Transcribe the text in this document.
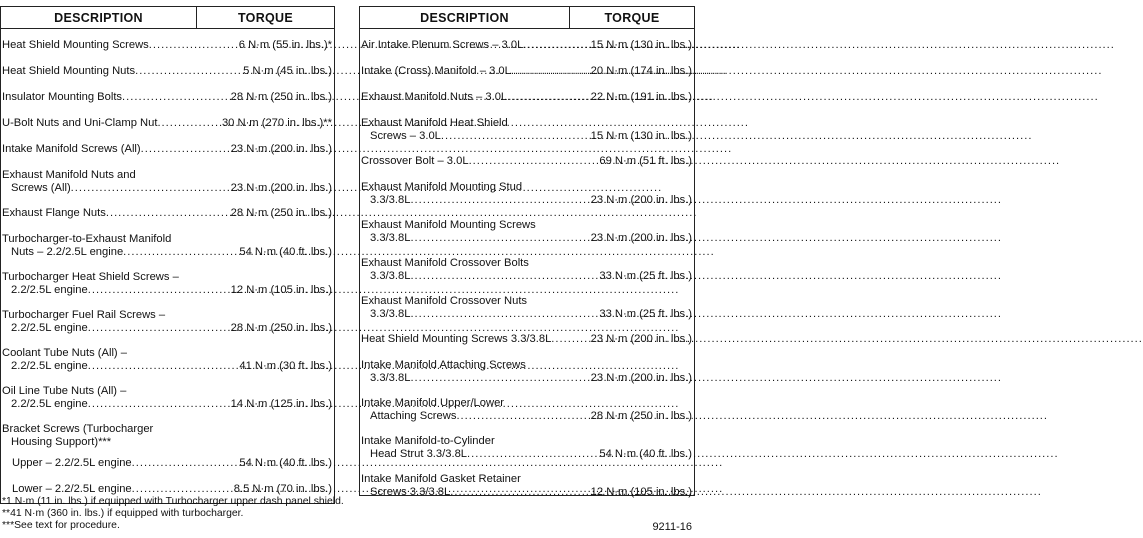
DESCRIPTION	TORQUE
Heat Shield Mounting Screws .....	6 N·m (55 in. lbs.)*
Heat Shield Mounting Nuts .....	5 N·m (45 in. lbs.)
Insulator Mounting Bolts .....	28 N·m (250 in. lbs.)
U-Bolt Nuts and Uni-Clamp Nut .....	30 N·m (270 in. lbs.)**
Intake Manifold Screws (All) .....	23 N·m (200 in. lbs.)
Exhaust Manifold Nuts and
Screws (All) .....	23 N·m (200 in. lbs.)
Exhaust Flange Nuts .....	28 N·m (250 in. lbs.)
Turbocharger-to-Exhaust Manifold
Nuts – 2.2/2.5L engine .....	54 N·m (40 ft. lbs.)
Turbocharger Heat Shield Screws –
2.2/2.5L engine .....	12 N·m (105 in. lbs.)
Turbocharger Fuel Rail Screws –
2.2/2.5L engine .....	28 N·m (250 in. lbs.)
Coolant Tube Nuts (All) –
2.2/2.5L engine .....	41 N·m (30 ft. lbs.)
Oil Line Tube Nuts (All) –
2.2/2.5L engine .....	14 N·m (125 in. lbs.)
Bracket Screws (Turbocharger
Housing Support)***
Upper – 2.2/2.5L engine .....	54 N·m (40 ft. lbs.)
Lower – 2.2/2.5L engine .....	8.5 N·m (70 in. lbs.)
DESCRIPTION	TORQUE
Air Intake Plenum Screws – 3.0L .....	15 N·m (130 in. lbs.)
Intake (Cross) Manifold – 3.0L .....	20 N·m (174 in. lbs.)
Exhaust Manifold Nuts – 3.0L .....	22 N·m (191 in. lbs.)
Exhaust Manifold Heat Shield
Screws – 3.0L .....	15 N·m (130 in. lbs.)
Crossover Bolt – 3.0L .....	69 N·m (51 ft. lbs.)
Exhaust Manifold Mounting Stud
3.3/3.8L .....	23 N·m (200 in. lbs.)
Exhaust Manifold Mounting Screws
3.3/3.8L .....	23 N·m (200 in. lbs.)
Exhaust Manifold Crossover Bolts
3.3/3.8L .....	33 N·m (25 ft. lbs.)
Exhaust Manifold Crossover Nuts
3.3/3.8L .....	33 N·m (25 ft. lbs.)
Heat Shield Mounting Screws 3.3/3.8L .....	23 N·m (200 in. lbs.)
Intake Manifold Attaching Screws
3.3/3.8L .....	23 N·m (200 in. lbs.)
Intake Manifold Upper/Lower
Attaching Screws .....	28 N·m (250 in. lbs.)
Intake Manifold-to-Cylinder
Head Strut 3.3/3.8L .....	54 N·m (40 ft. lbs.)
Intake Manifold Gasket Retainer
Screws 3.3/3.8L .....	12 N·m (105 in. lbs.)
*1 N·m (11 in. lbs.) if equipped with Turbocharger upper dash panel shield.
**41 N·m (360 in. lbs.) if equipped with turbocharger.
***See text for procedure.	9211-16
